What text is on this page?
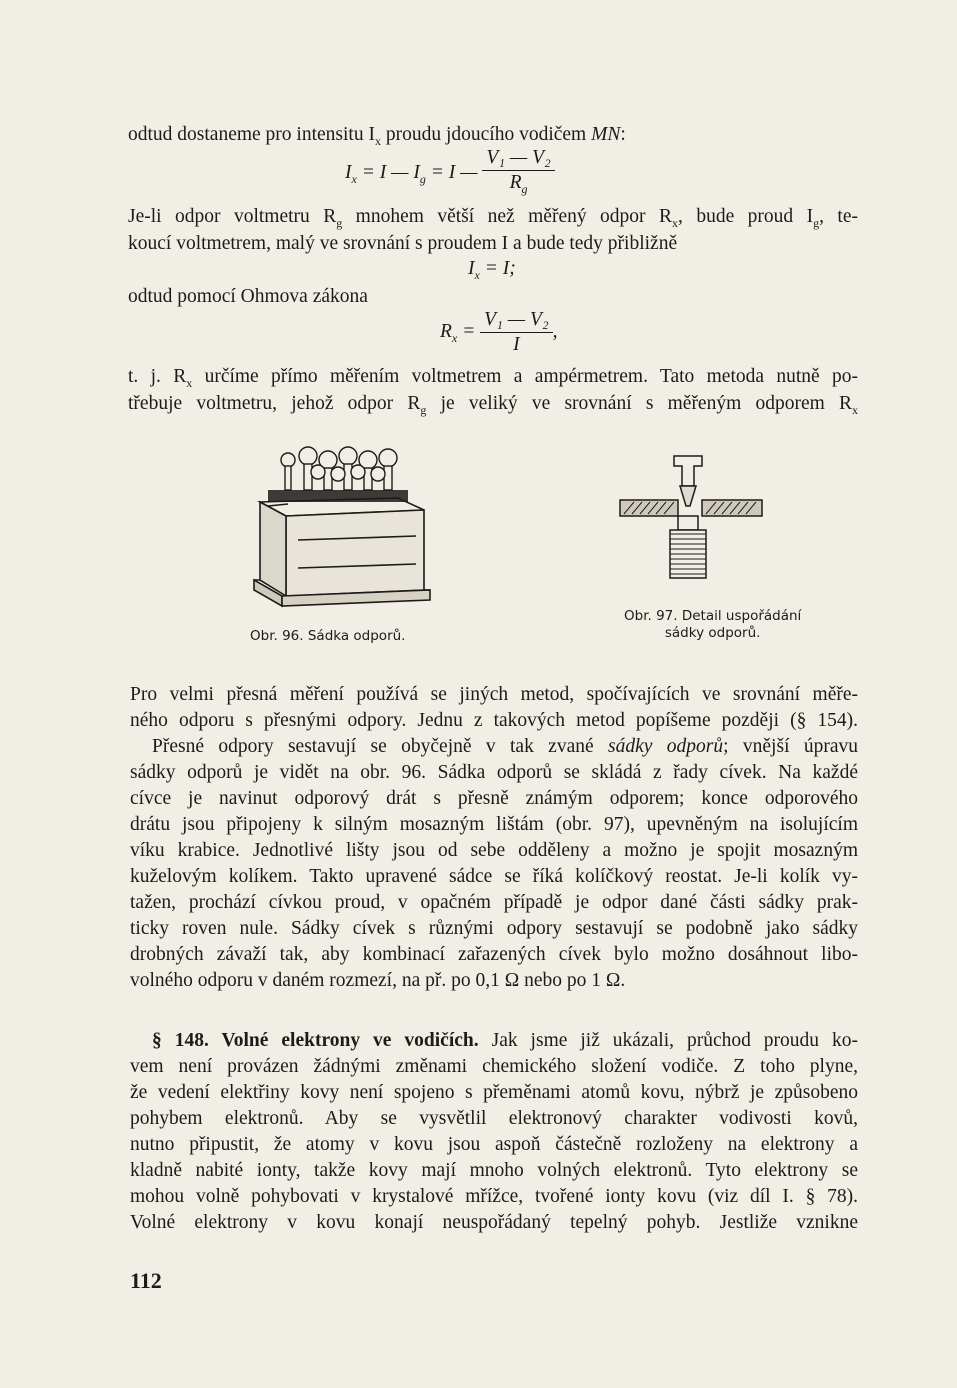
odtud dostaneme pro intensitu $I_x$ proudu jdoucího vodičem MN:
$I_x = I$ — $I_g = I$ — $\frac{\text{V₁ — V₂}}{R_g}$
Je-li odpor voltmetru $R_g$ mnohem větší než měřený odpor $R_x$, bude proud $I_g$, te-
koucí voltmetrem, malý ve srovnání s proudem I a bude tedy přibližně
$I_x = I$;
odtud pomocí Ohmova zákona
$R_x = \frac{\text{V₁ — V₂}}{I}$ ,
t. j. $R_x$ určíme přímo měřením voltmetrem a ampérmetrem. Tato metoda nutně po-
třebuje voltmetru, jehož odpor $R_g$ je veliký ve srovnání s měřeným odporem $R_x$
Obr. 96. Sádka odporů.
Obr. 97. Detail uspořádání
sádky odporů.
Pro velmi přesná měření používá se jiných metod, spočívajících ve srovnání měře-
ného odporu s přesnými odpory. Jednu z takových metod popíšeme později (§ 154).
Přesné odpory sestavují se obyčejně v tak zvané sádky odporů; vnější úpravu
sádky odporů je vidět na obr. 96. Sádka odporů se skládá z řady cívek. Na každé
cívce je navinut odporový drát s přesně známým odporem; konce odporového
drátu jsou připojeny k silným mosazným lištám (obr. 97), upevněným na isolujícím
víku krabice. Jednotlivé lišty jsou od sebe odděleny a možno je spojit mosazným
kuželovým kolíkem. Takto upravené sádce se říká kolíčkový reostat. Je-li kolík vy-
tažen, prochází cívkou proud, v opačném případě je odpor dané části sádky prak-
ticky roven nule. Sádky cívek s různými odpory sestavují se podobně jako sádky
drobných závaží tak, aby kombinací zařazených cívek bylo možno dosáhnout libo-
volného odporu v daném rozmezí, na př. po 0,1 Ω nebo po 1 Ω.
§ 148. Volné elektrony ve vodičích. Jak jsme již ukázali, průchod proudu ko-
vem není provázen žádnými změnami chemického složení vodiče. Z toho plyne,
že vedení elektřiny kovy není spojeno s přeměnami atomů kovu, nýbrž je způsobeno
pohybem elektronů. Aby se vysvětlil elektronový charakter vodivosti kovů,
nutno připustit, že atomy v kovu jsou aspoň částečně rozloženy na elektrony a
kladně nabité ionty, takže kovy mají mnoho volných elektronů. Tyto elektrony se
mohou volně pohybovati v krystalové mřížce, tvořené ionty kovu (viz díl I. § 78).
Volné elektrony v kovu konají neuspořádaný tepelný pohyb. Jestliže vznikne
112
